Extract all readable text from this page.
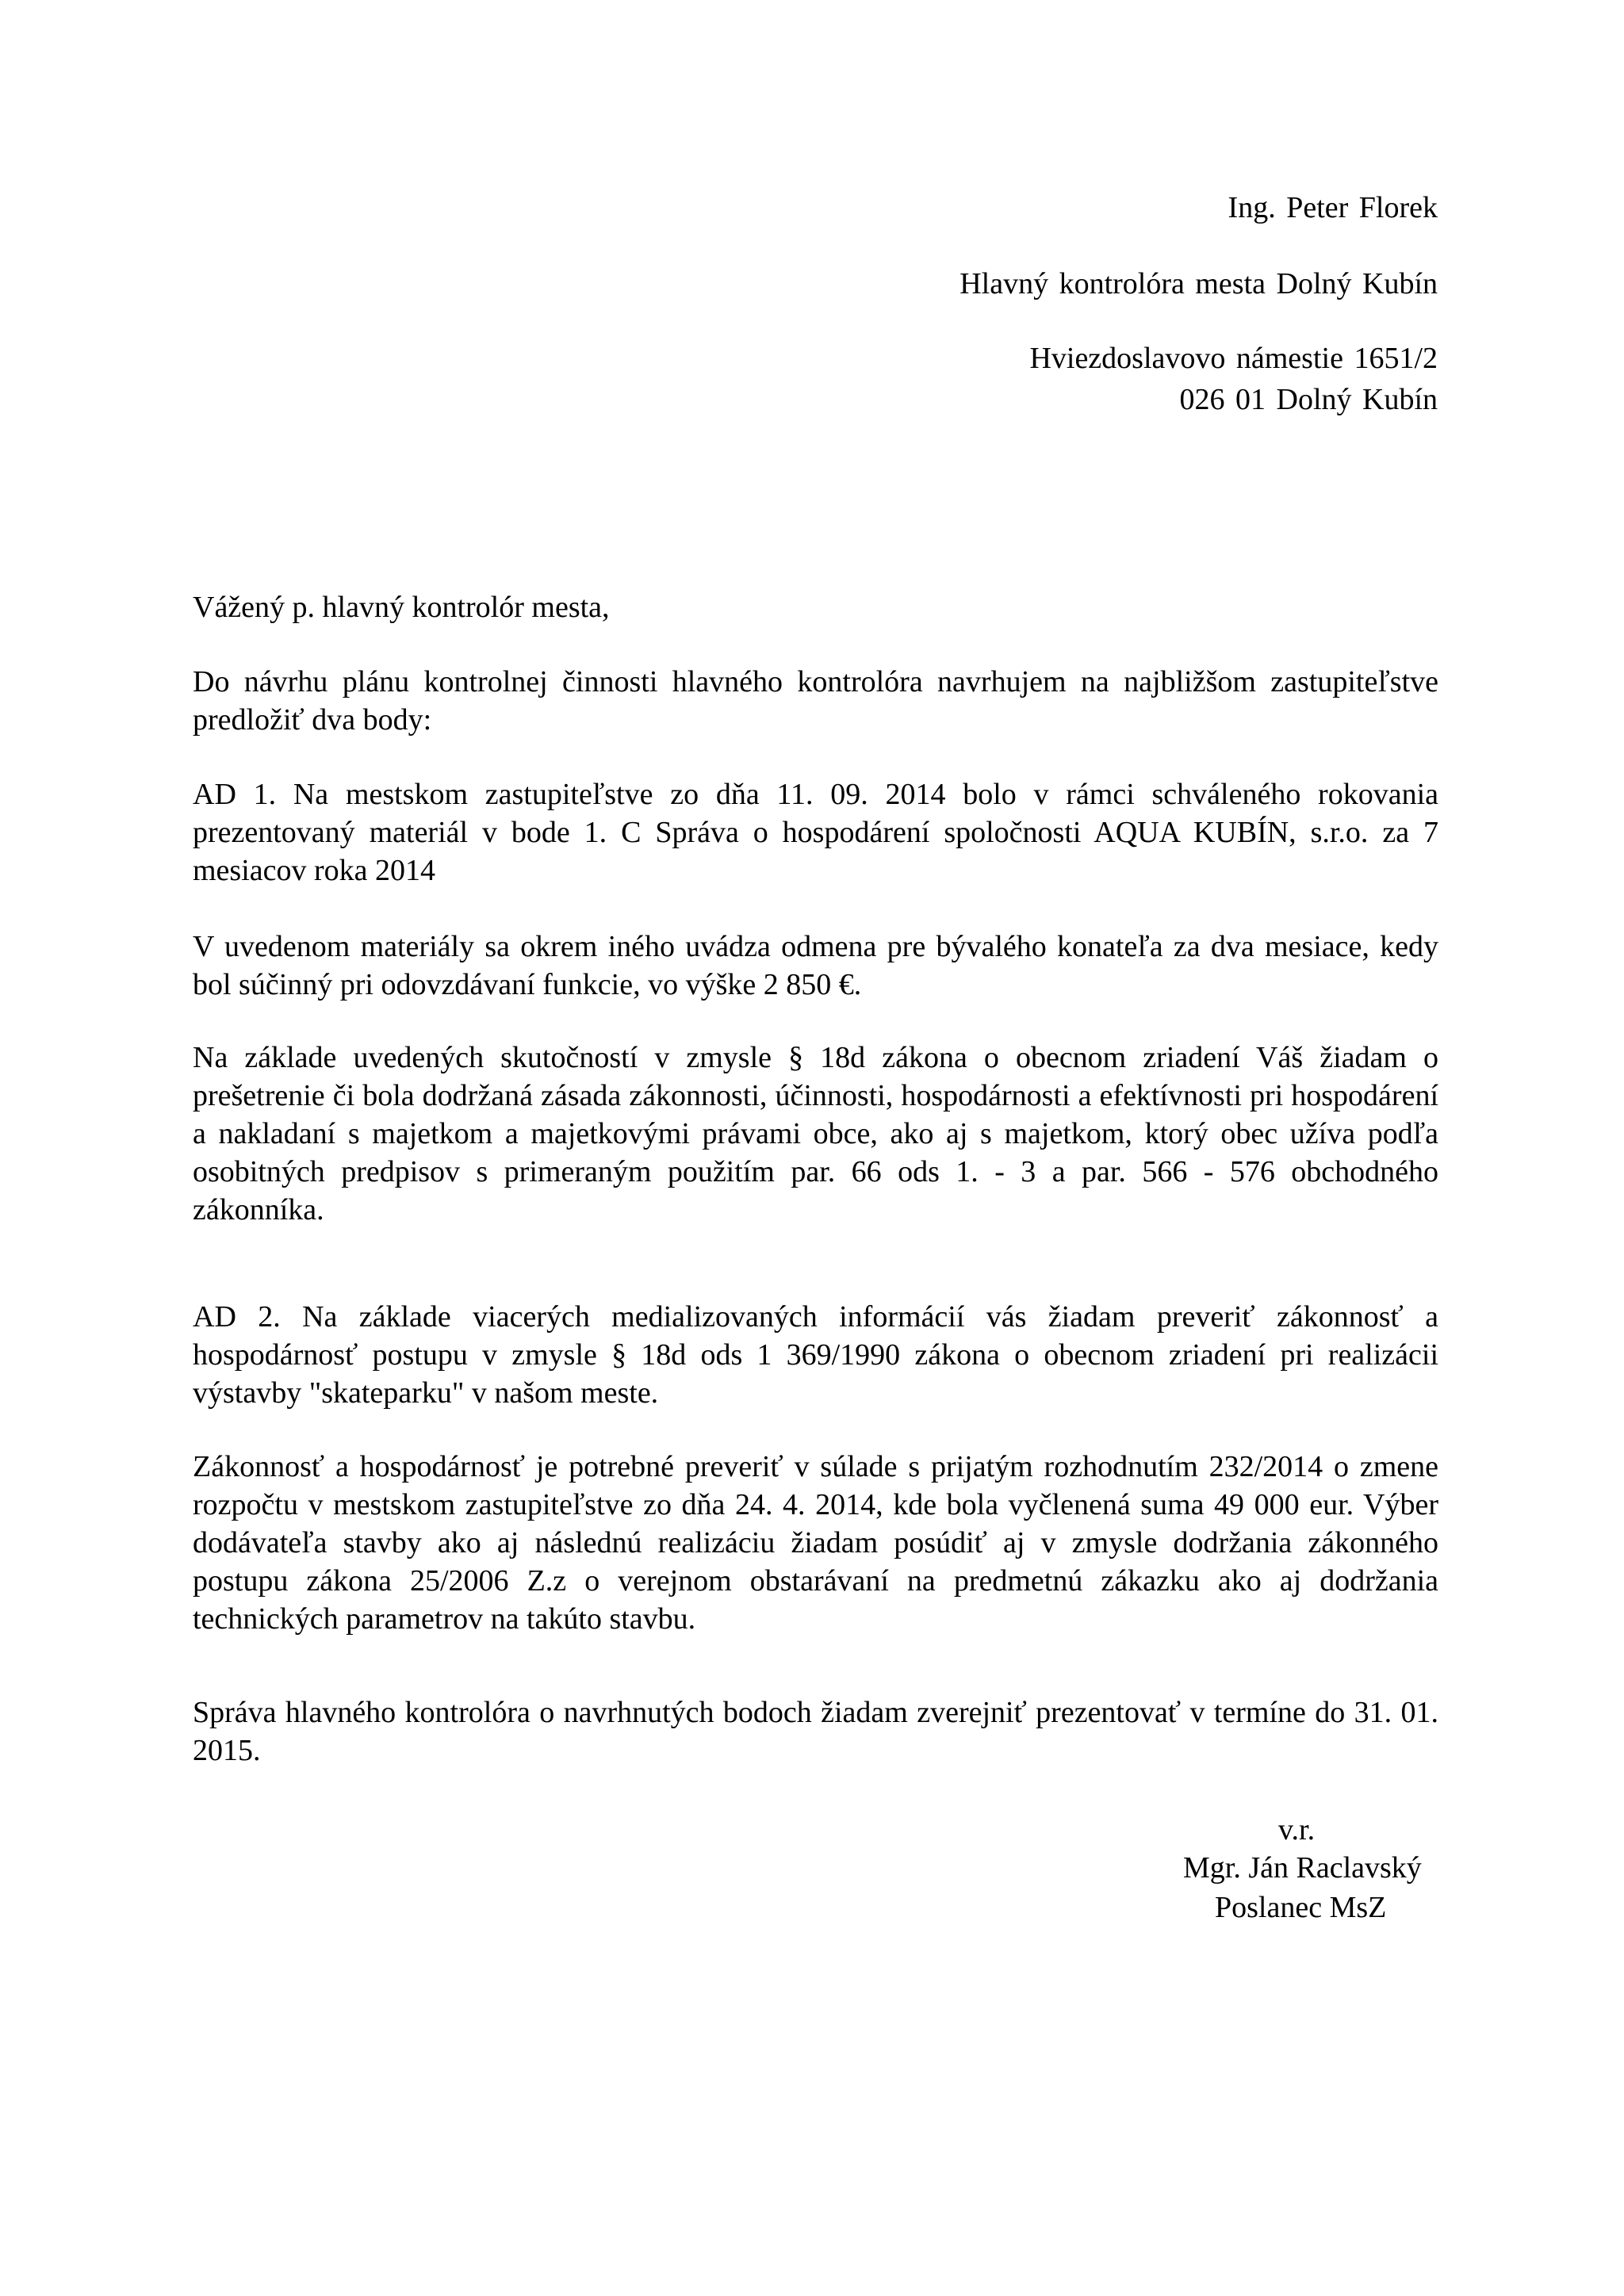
Ing. Peter Florek
Hlavný kontrolóra mesta Dolný Kubín
Hviezdoslavovo námestie 1651/2
026 01 Dolný Kubín
Vážený p. hlavný kontrolór mesta,
Do návrhu plánu kontrolnej činnosti hlavného kontrolóra navrhujem na najbližšom zastupiteľstve predložiť dva body:
AD 1. Na mestskom zastupiteľstve zo dňa 11. 09. 2014 bolo v rámci schváleného rokovania prezentovaný materiál v bode 1. C Správa o hospodárení spoločnosti AQUA KUBÍN, s.r.o. za 7 mesiacov roka 2014
V uvedenom materiály sa okrem iného uvádza odmena pre bývalého konateľa za dva mesiace, kedy bol súčinný pri odovzdávaní funkcie, vo výške 2 850 €.
Na základe uvedených skutočností v zmysle § 18d zákona o obecnom zriadení Váš žiadam o prešetrenie či bola dodržaná zásada zákonnosti, účinnosti, hospodárnosti a efektívnosti pri hospodárení a nakladaní s majetkom a majetkovými právami obce, ako aj s majetkom, ktorý obec užíva podľa osobitných predpisov s primeraným použitím par. 66 ods 1. - 3 a par. 566 - 576 obchodného zákonníka.
AD 2. Na základe viacerých medializovaných informácií vás žiadam preveriť zákonnosť a hospodárnosť postupu v zmysle § 18d ods 1 369/1990 zákona o obecnom zriadení pri realizácii výstavby "skateparku" v našom meste.
Zákonnosť a hospodárnosť je potrebné preveriť v súlade s prijatým rozhodnutím 232/2014 o zmene rozpočtu v mestskom zastupiteľstve zo dňa 24. 4. 2014, kde bola vyčlenená suma 49 000 eur. Výber dodávateľa stavby ako aj následnú realizáciu žiadam posúdiť aj v zmysle dodržania zákonného postupu zákona 25/2006 Z.z o verejnom obstarávaní na predmetnú zákazku ako aj dodržania technických parametrov na takúto stavbu.
Správa hlavného kontrolóra o navrhnutých bodoch žiadam zverejniť prezentovať v termíne do 31. 01. 2015.
v.r.
Mgr. Ján Raclavský
Poslanec MsZ
